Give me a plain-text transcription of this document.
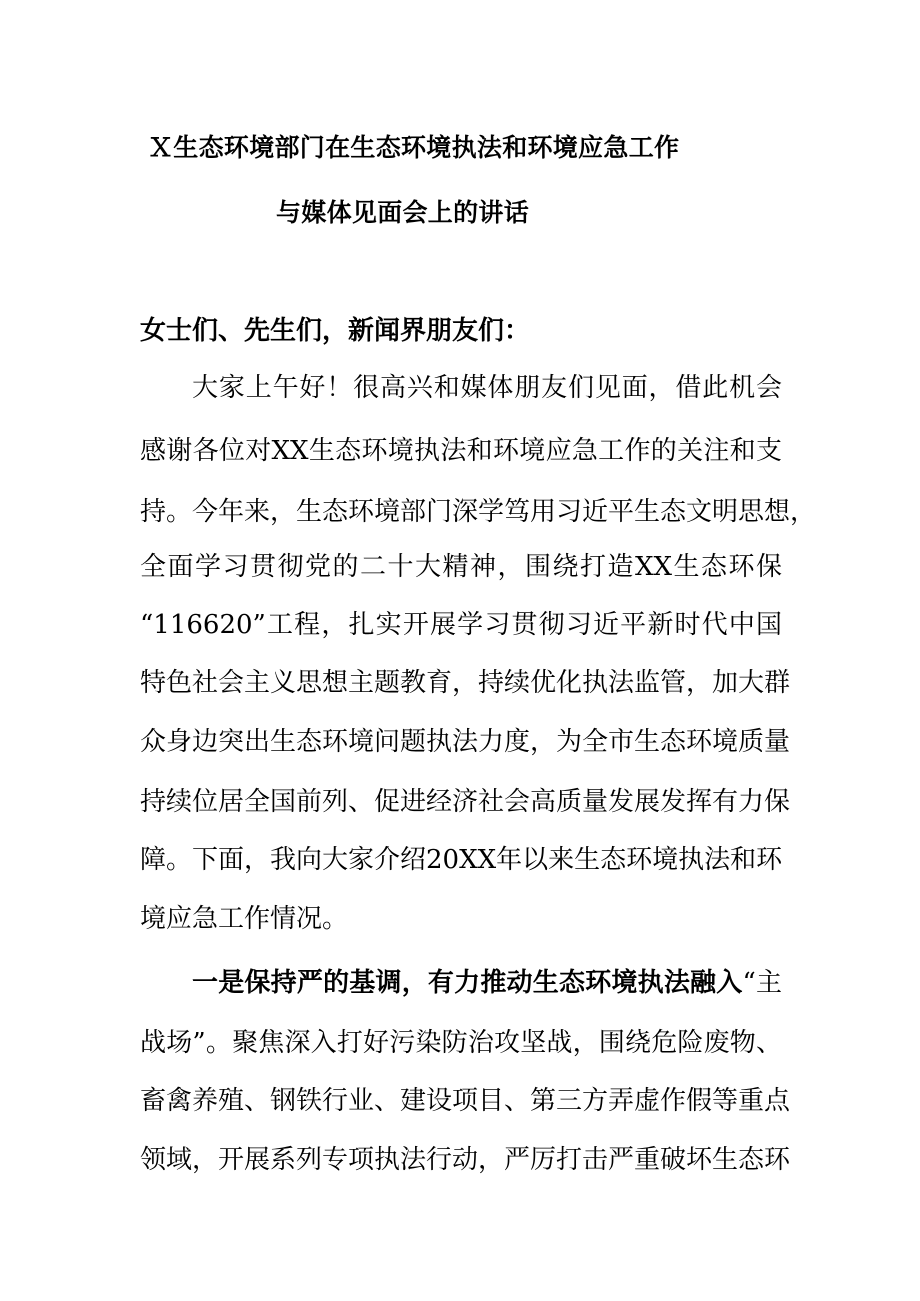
Ｘ生态环境部门在生态环境执法和环境应急工作
与媒体见面会上的讲话

女士们、先生们，新闻界朋友们：

大家上午好！很高兴和媒体朋友们见面，借此机会

感谢各位对XX生态环境执法和环境应急工作的关注和支

持。今年来，生态环境部门深学笃用习近平生态文明思想，

全面学习贯彻党的二十大精神，围绕打造XX生态环保

“116620”工程，扎实开展学习贯彻习近平新时代中国

特色社会主义思想主题教育，持续优化执法监管，加大群

众身边突出生态环境问题执法力度，为全市生态环境质量

持续位居全国前列、促进经济社会高质量发展发挥有力保

障。下面，我向大家介绍20XX年以来生态环境执法和环

境应急工作情况。

一是保持严的基调，有力推动生态环境执法融入“主

战场”。聚焦深入打好污染防治攻坚战，围绕危险废物、

畜禽养殖、钢铁行业、建设项目、第三方弄虚作假等重点

领域，开展系列专项执法行动，严厉打击严重破坏生态环
